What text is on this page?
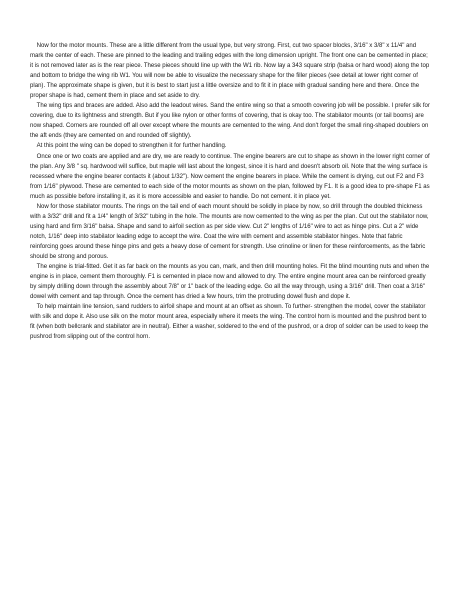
Now for the motor mounts. These are a little different from the usual type, but very strong. First, cut two spacer blocks, 3/16" x 3/8" x 11/4" and mark the center of each. These are pinned to the leading and trailing edges with the long dimension upright. The front one can be cemented in place; it is not removed later as is the rear piece. These pieces should line up with the W1 rib. Now lay a 343 square strip (balsa or hard wood) along the top and bottom to bridge the wing rib W1. You will now be able to visualize the necessary shape for the filler pieces (see detail at lower right corner of plan). The approximate shape is given, but it is best to start just a little oversize and to fit it in place with gradual sanding here and there. Once the proper shape is had, cement them in place and set aside to dry.

The wing tips and braces are added. Also add the leadout wires. Sand the entire wing so that a smooth covering job will be possible. I prefer silk for covering, due to its lightness and strength. But if you like nylon or other forms of covering, that is okay too. The stabilator mounts (or tail booms) are now shaped. Corners are rounded off all over except where the mounts are cemented to the wing. And don't forget the small ring-shaped doublers on the aft ends (they are cemented on and rounded off slightly).

At this point the wing can be doped to strengthen it for further handling.

Once one or two coats are applied and are dry, we are ready to continue. The engine bearers are cut to shape as shown in the lower right corner of the plan. Any 3/8 " sq. hardwood will suffice, but maple will last about the longest, since it is hard and doesn't absorb oil. Note that the wing surface is recessed where the engine bearer contacts it (about 1/32"). Now cement the engine bearers in place. While the cement is drying, cut out F2 and F3 from 1/16" plywood. These are cemented to each side of the motor mounts as shown on the plan, followed by F1. It is a good idea to pre-shape F1 as much as possible before installing it, as it is more accessible and easier to handle. Do not cement. it in place yet.

Now for those stabilator mounts. The rings on the tail end of each mount should be solidly in place by now, so drill through the doubled thickness with a 3/32" drill and fit a 1/4" length of 3/32" tubing in the hole. The mounts are now cemented to the wing as per the plan. Cut out the stabilator now, using hard and firm 3/16" balsa. Shape and sand to airfoil section as per side view. Cut 2" lengths of 1/16" wire to act as hinge pins. Cut a 2" wide notch, 1/16" deep into stabilator leading edge to accept the wire. Coat the wire with cement and assemble stabilator hinges. Note that fabric reinforcing goes around these hinge pins and gets a heavy dose of cement for strength. Use crinoline or linen for these reinforcements, as the fabric should be strong and porous.

The engine is trial-fitted. Get it as far back on the mounts as you can, mark, and then drill mounting holes. Fit the blind mounting nuts and when the engine is in place, cement them thoroughly. F1 is cemented in place now and allowed to dry. The entire engine mount area can be reinforced greatly by simply drilling down through the assembly about 7/8" or 1" back of the leading edge. Go all the way through, using a 3/16" drill. Then coat a 3/16" dowel with cement and tap through. Once the cement has dried a few hours, trim the protruding dowel flush and dope it.

To help maintain line tension, sand rudders to airfoil shape and mount at an offset as shown. To further- strengthen the model, cover the stabilator with silk and dope it. Also use silk on the motor mount area, especially where it meets the wing. The control horn is mounted and the pushrod bent to fit (when both bellcrank and stabilator are in neutral). Either a washer, soldered to the end of the pushrod, or a drop of solder can be used to keep the pushrod from slipping out of the control horn.
